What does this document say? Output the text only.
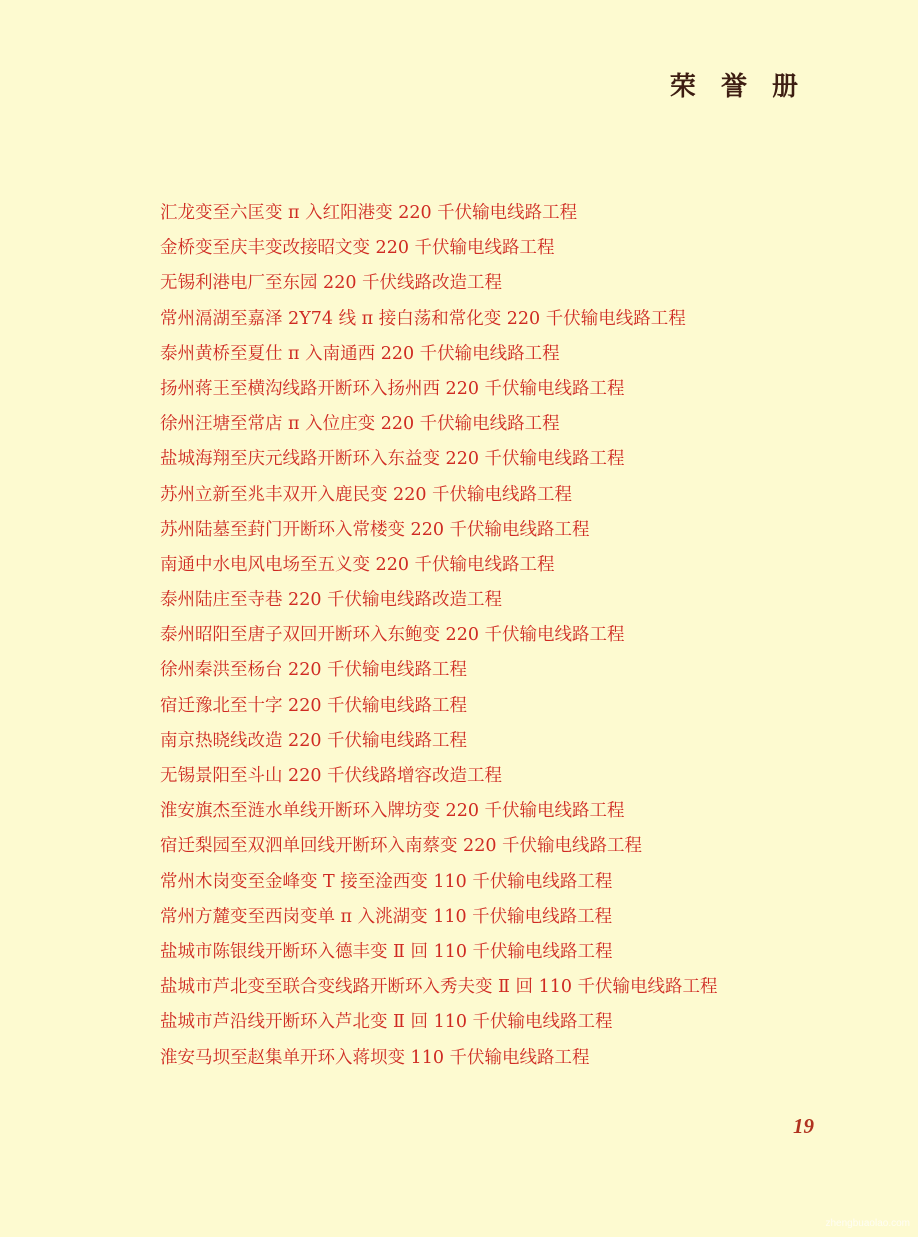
荣 誉 册
汇龙变至六匡变 π 入红阳港变 220 千伏输电线路工程
金桥变至庆丰变改接昭文变 220 千伏输电线路工程
无锡利港电厂至东园 220 千伏线路改造工程
常州滆湖至嘉泽 2Y74 线 π 接白荡和常化变 220 千伏输电线路工程
泰州黄桥至夏仕 π 入南通西 220 千伏输电线路工程
扬州蒋王至横沟线路开断环入扬州西 220 千伏输电线路工程
徐州汪塘至常店 π 入位庄变 220 千伏输电线路工程
盐城海翔至庆元线路开断环入东益变 220 千伏输电线路工程
苏州立新至兆丰双开入鹿民变 220 千伏输电线路工程
苏州陆墓至葑门开断环入常楼变 220 千伏输电线路工程
南通中水电风电场至五义变 220 千伏输电线路工程
泰州陆庄至寺巷 220 千伏输电线路改造工程
泰州昭阳至唐子双回开断环入东鲍变 220 千伏输电线路工程
徐州秦洪至杨台 220 千伏输电线路工程
宿迁豫北至十字 220 千伏输电线路工程
南京热晓线改造 220 千伏输电线路工程
无锡景阳至斗山 220 千伏线路增容改造工程
淮安旗杰至涟水单线开断环入牌坊变 220 千伏输电线路工程
宿迁梨园至双泗单回线开断环入南蔡变 220 千伏输电线路工程
常州木岗变至金峰变 T 接至淦西变 110 千伏输电线路工程
常州方麓变至西岗变单 π 入洮湖变 110 千伏输电线路工程
盐城市陈银线开断环入德丰变 Ⅱ 回 110 千伏输电线路工程
盐城市芦北变至联合变线路开断环入秀夫变 Ⅱ 回 110 千伏输电线路工程
盐城市芦沿线开断环入芦北变 Ⅱ 回 110 千伏输电线路工程
淮安马坝至赵集单开环入蒋坝变 110 千伏输电线路工程
19
zhengbuaolao.com
